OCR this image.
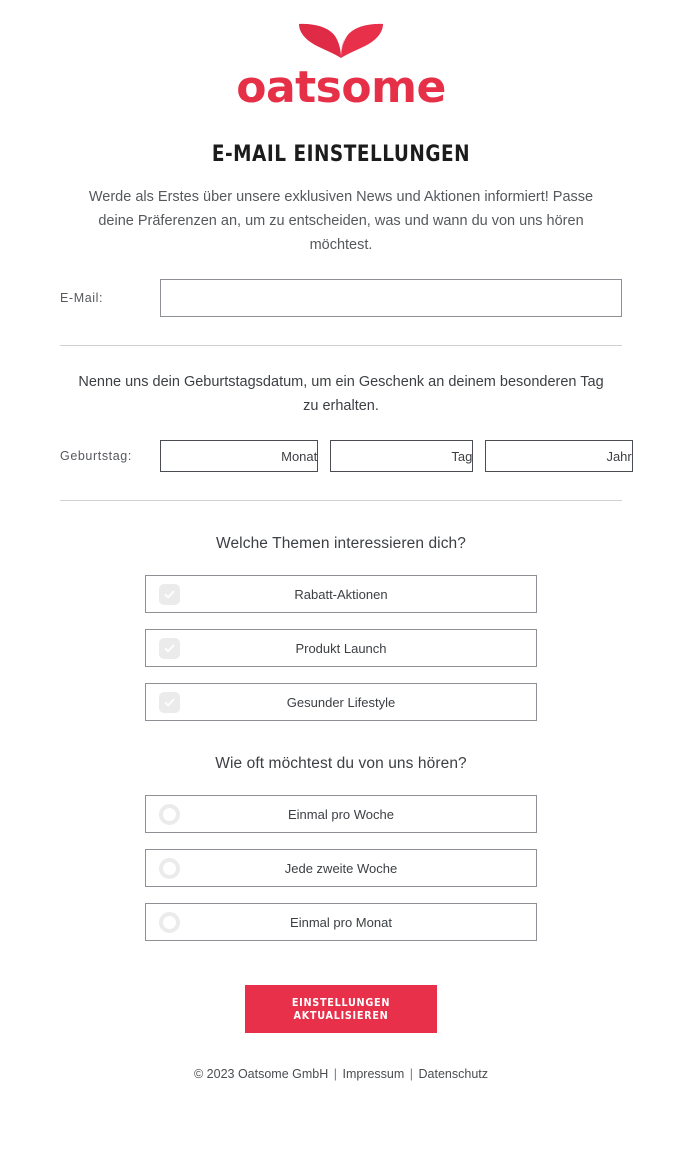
oatsome
E-MAIL EINSTELLUNGEN
Werde als Erstes über unsere exklusiven News und Aktionen informiert! Passe deine Präferenzen an, um zu entscheiden, was und wann du von uns hören möchtest.
E-Mail:
Nenne uns dein Geburtstagsdatum, um ein Geschenk an deinem besonderen Tag zu erhalten.
Geburtstag:	Monat	Tag	Jahr
Welche Themen interessieren dich?
Rabatt-Aktionen
Produkt Launch
Gesunder Lifestyle
Wie oft möchtest du von uns hören?
Einmal pro Woche
Jede zweite Woche
Einmal pro Monat
EINSTELLUNGEN AKTUALISIEREN
© 2023 Oatsome GmbH | Impressum | Datenschutz
